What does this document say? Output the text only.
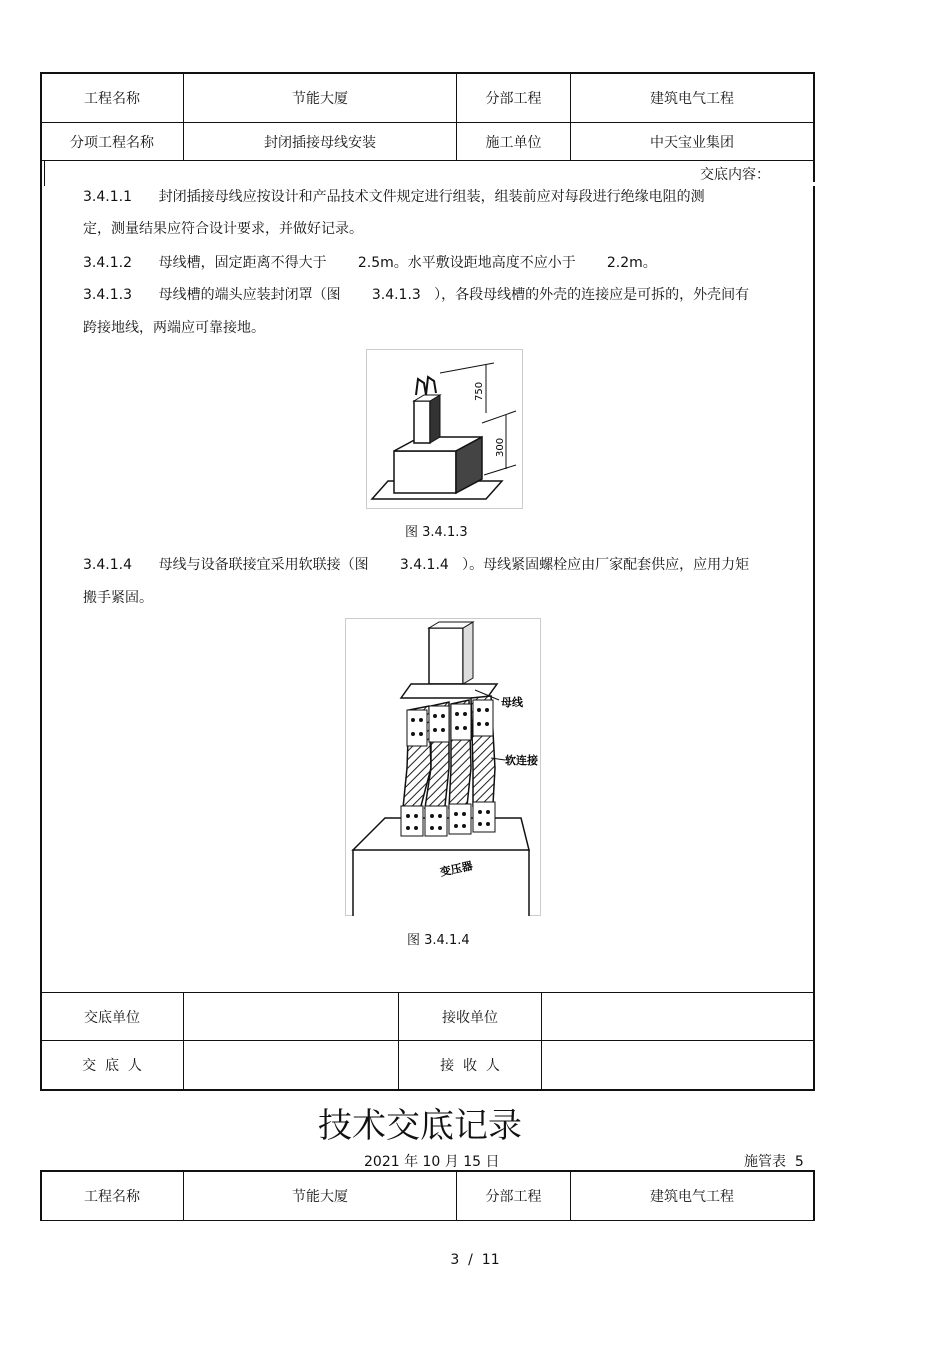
工程名称	节能大厦	分部工程	建筑电气工程
分项工程名称	封闭插接母线安装	施工单位	中天宝业集团
交底内容：
3.4.1.1      封闭插接母线应按设计和产品技术文件规定进行组装，组装前应对每段进行绝缘电阻的测
定，测量结果应符合设计要求，并做好记录。
3.4.1.2      母线槽，固定距离不得大于       2.5m。水平敷设距地高度不应小于       2.2m。
3.4.1.3      母线槽的端头应装封闭罩（图       3.4.1.3   ），各段母线槽的外壳的连接应是可拆的，外壳间有
跨接地线，两端应可靠接地。
750
300
图 3.4.1.3
3.4.1.4      母线与设备联接宜采用软联接（图       3.4.1.4   ）。母线紧固螺栓应由厂家配套供应，应用力矩
搬手紧固。
变压器
母线
软连接
图 3.4.1.4
交底单位	接收单位
交  底  人	接  收  人
技术交底记录
2021 年 10 月 15 日	施管表  5
工程名称	节能大厦	分部工程	建筑电气工程
3  /  11
